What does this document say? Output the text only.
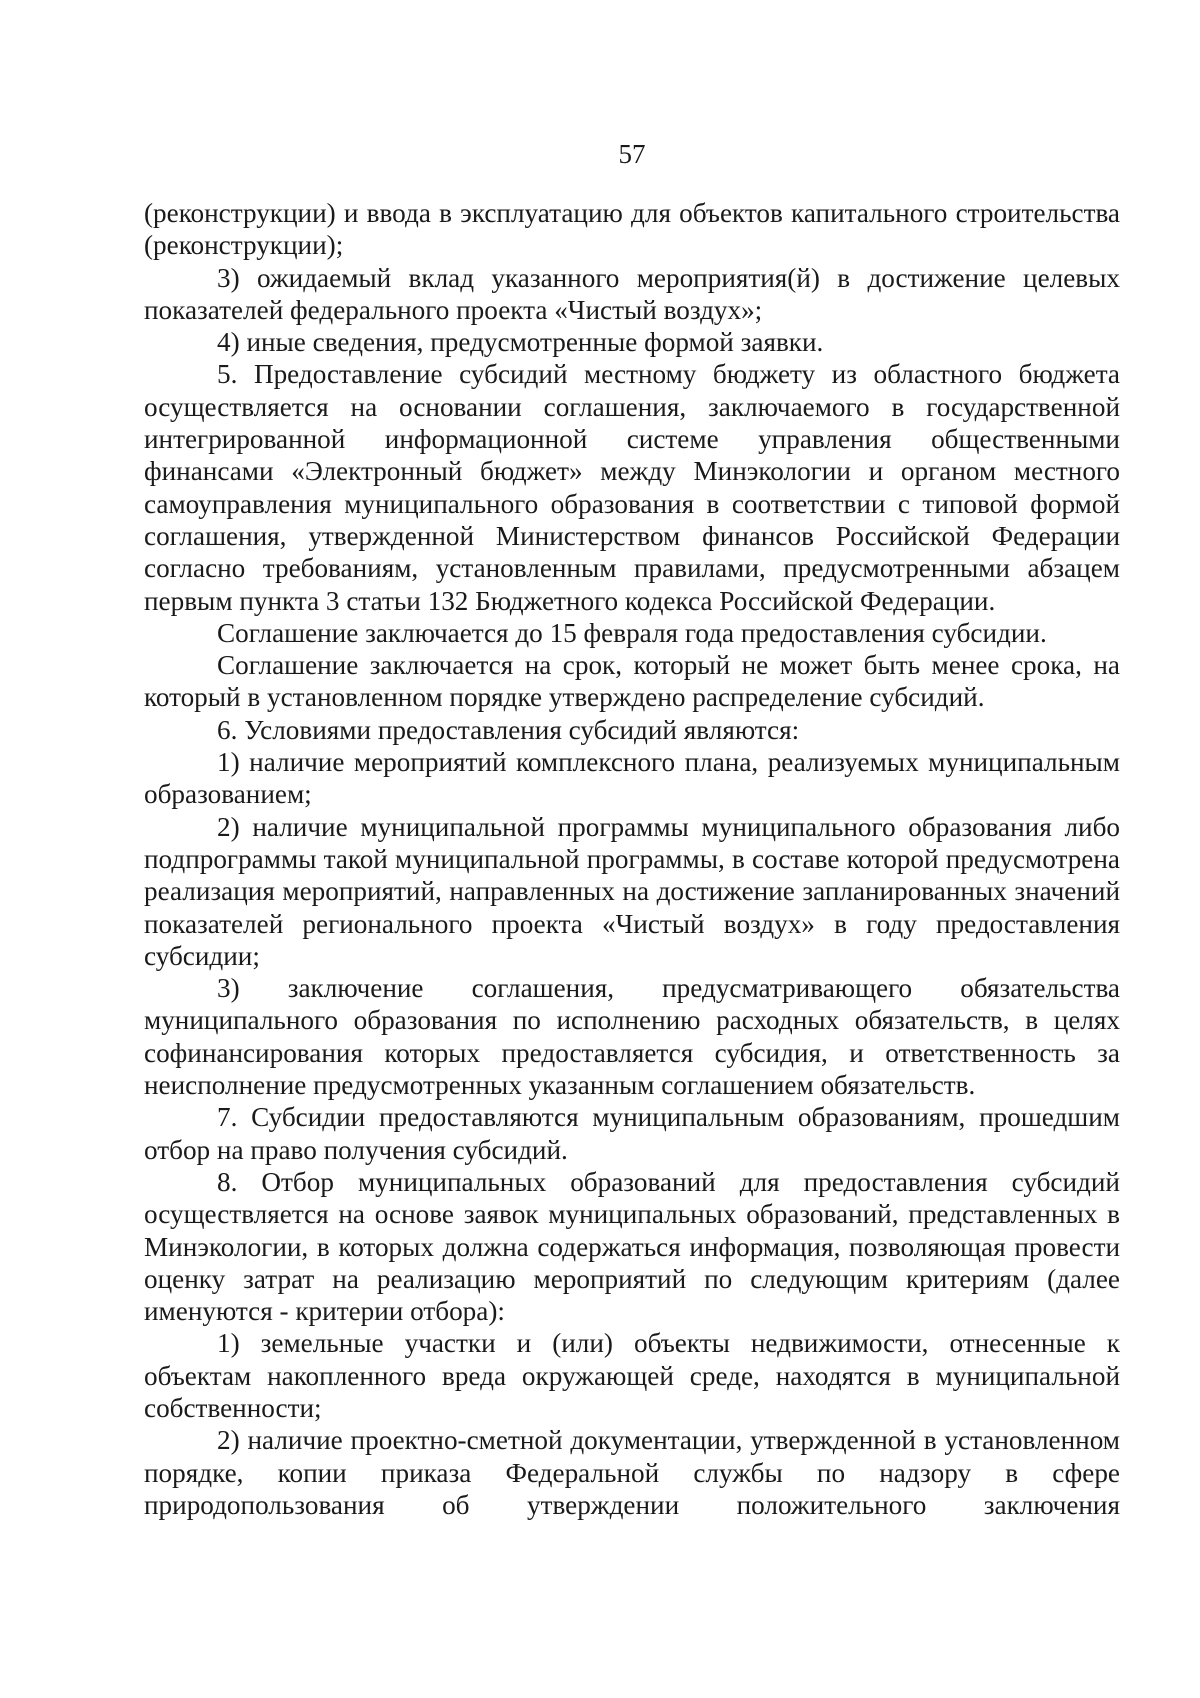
57

(реконструкции) и ввода в эксплуатацию для объектов капитального строительства (реконструкции);

3) ожидаемый вклад указанного мероприятия(й) в достижение целевых показателей федерального проекта «Чистый воздух»;

4) иные сведения, предусмотренные формой заявки.

5. Предоставление субсидий местному бюджету из областного бюджета осуществляется на основании соглашения, заключаемого в государственной интегрированной информационной системе управления общественными финансами «Электронный бюджет» между Минэкологии и органом местного самоуправления муниципального образования в соответствии с типовой формой соглашения, утвержденной Министерством финансов Российской Федерации согласно требованиям, установленным правилами, предусмотренными абзацем первым пункта 3 статьи 132 Бюджетного кодекса Российской Федерации.

Соглашение заключается до 15 февраля года предоставления субсидии.

Соглашение заключается на срок, который не может быть менее срока, на который в установленном порядке утверждено распределение субсидий.

6. Условиями предоставления субсидий являются:

1) наличие мероприятий комплексного плана, реализуемых муниципальным образованием;

2) наличие муниципальной программы муниципального образования либо подпрограммы такой муниципальной программы, в составе которой предусмотрена реализация мероприятий, направленных на достижение запланированных значений показателей регионального проекта «Чистый воздух» в году предоставления субсидии;

3) заключение соглашения, предусматривающего обязательства муниципального образования по исполнению расходных обязательств, в целях софинансирования которых предоставляется субсидия, и ответственность за неисполнение предусмотренных указанным соглашением обязательств.

7. Субсидии предоставляются муниципальным образованиям, прошедшим отбор на право получения субсидий.

8. Отбор муниципальных образований для предоставления субсидий осуществляется на основе заявок муниципальных образований, представленных в Минэкологии, в которых должна содержаться информация, позволяющая провести оценку затрат на реализацию мероприятий по следующим критериям (далее именуются - критерии отбора):

1) земельные участки и (или) объекты недвижимости, отнесенные к объектам накопленного вреда окружающей среде, находятся в муниципальной собственности;

2) наличие проектно-сметной документации, утвержденной в установленном порядке, копии приказа Федеральной службы по надзору в сфере природопользования об утверждении положительного заключения
